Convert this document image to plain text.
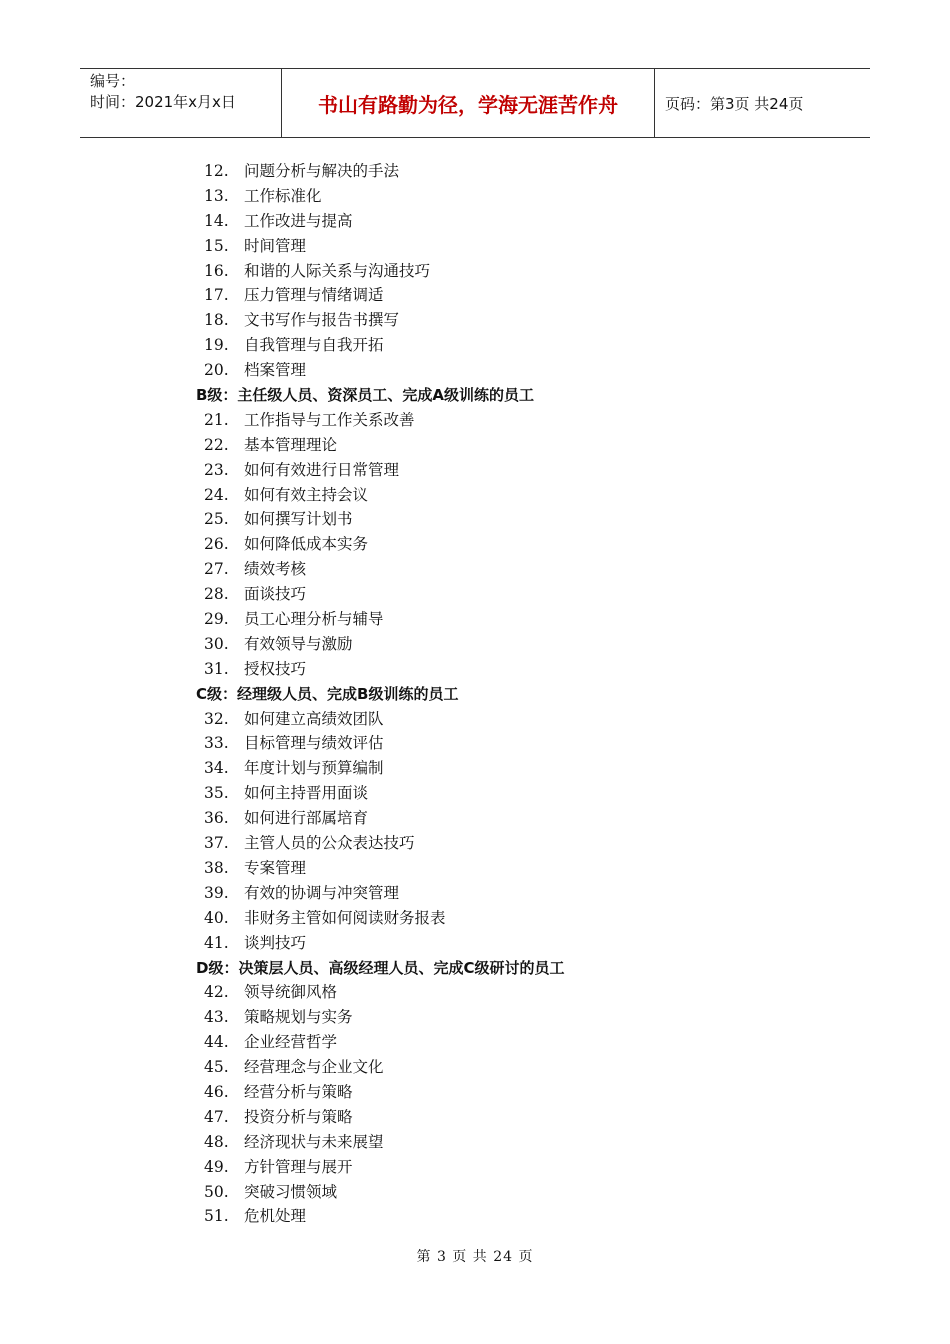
编号：
时间：2021年x月x日	书山有路勤为径，学海无涯苦作舟	页码：第3页 共24页
12. 问题分析与解决的手法
13. 工作标准化
14. 工作改进与提高
15. 时间管理
16. 和谐的人际关系与沟通技巧
17. 压力管理与情绪调适
18. 文书写作与报告书撰写
19. 自我管理与自我开拓
20. 档案管理
B级：主任级人员、资深员工、完成A级训练的员工
21. 工作指导与工作关系改善
22. 基本管理理论
23. 如何有效进行日常管理
24. 如何有效主持会议
25. 如何撰写计划书
26. 如何降低成本实务
27. 绩效考核
28. 面谈技巧
29. 员工心理分析与辅导
30. 有效领导与激励
31. 授权技巧
C级：经理级人员、完成B级训练的员工
32. 如何建立高绩效团队
33. 目标管理与绩效评估
34. 年度计划与预算编制
35. 如何主持晋用面谈
36. 如何进行部属培育
37. 主管人员的公众表达技巧
38. 专案管理
39. 有效的协调与冲突管理
40. 非财务主管如何阅读财务报表
41. 谈判技巧
D级：决策层人员、高级经理人员、完成C级研讨的员工
42. 领导统御风格
43. 策略规划与实务
44. 企业经营哲学
45. 经营理念与企业文化
46. 经营分析与策略
47. 投资分析与策略
48. 经济现状与未来展望
49. 方针管理与展开
50. 突破习惯领域
51. 危机处理
第 3 页 共 24 页
